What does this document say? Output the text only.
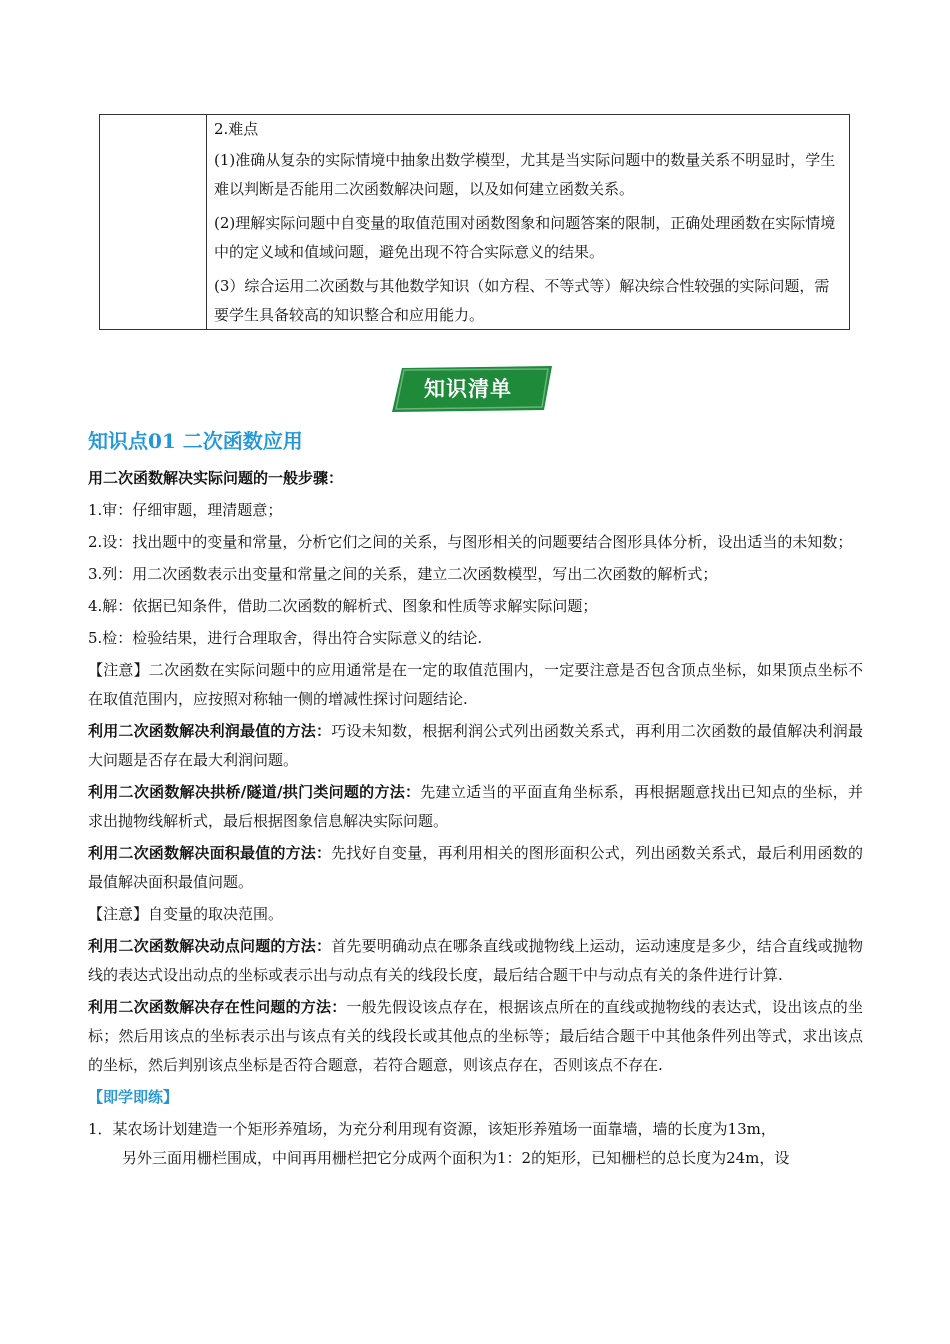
2.难点

(1)准确从复杂的实际情境中抽象出数学模型，尤其是当实际问题中的数量关系不明显时，学生难以判断是否能用二次函数解决问题，以及如何建立函数关系。

(2)理解实际问题中自变量的取值范围对函数图象和问题答案的限制，正确处理函数在实际情境中的定义域和值域问题，避免出现不符合实际意义的结果。

(3）综合运用二次函数与其他数学知识（如方程、不等式等）解决综合性较强的实际问题，需要学生具备较高的知识整合和应用能力。

知识清单
知识点01 二次函数应用

用二次函数解决实际问题的一般步骤：

1.审：仔细审题，理清题意；

2.设：找出题中的变量和常量，分析它们之间的关系，与图形相关的问题要结合图形具体分析，设出适当的未知数；

3.列：用二次函数表示出变量和常量之间的关系，建立二次函数模型，写出二次函数的解析式；

4.解：依据已知条件，借助二次函数的解析式、图象和性质等求解实际问题；

5.检：检验结果，进行合理取舍，得出符合实际意义的结论.

【注意】二次函数在实际问题中的应用通常是在一定的取值范围内，一定要注意是否包含顶点坐标，如果顶点坐标不在取值范围内，应按照对称轴一侧的增减性探讨问题结论.

利用二次函数解决利润最值的方法：巧设未知数，根据利润公式列出函数关系式，再利用二次函数的最值解决利润最大问题是否存在最大利润问题。

利用二次函数解决拱桥/隧道/拱门类问题的方法：先建立适当的平面直角坐标系，再根据题意找出已知点的坐标，并求出抛物线解析式，最后根据图象信息解决实际问题。

利用二次函数解决面积最值的方法：先找好自变量，再利用相关的图形面积公式，列出函数关系式，最后利用函数的最值解决面积最值问题。

【注意】自变量的取决范围。

利用二次函数解决动点问题的方法：首先要明确动点在哪条直线或抛物线上运动，运动速度是多少，结合直线或抛物线的表达式设出动点的坐标或表示出与动点有关的线段长度，最后结合题干中与动点有关的条件进行计算.

利用二次函数解决存在性问题的方法：一般先假设该点存在，根据该点所在的直线或抛物线的表达式，设出该点的坐标；然后用该点的坐标表示出与该点有关的线段长或其他点的坐标等；最后结合题干中其他条件列出等式，求出该点的坐标，然后判别该点坐标是否符合题意，若符合题意，则该点存在，否则该点不存在.

【即学即练】

1．某农场计划建造一个矩形养殖场，为充分利用现有资源，该矩形养殖场一面靠墙，墙的长度为13m，

另外三面用栅栏围成，中间再用栅栏把它分成两个面积为1：2的矩形，已知栅栏的总长度为24m，设
